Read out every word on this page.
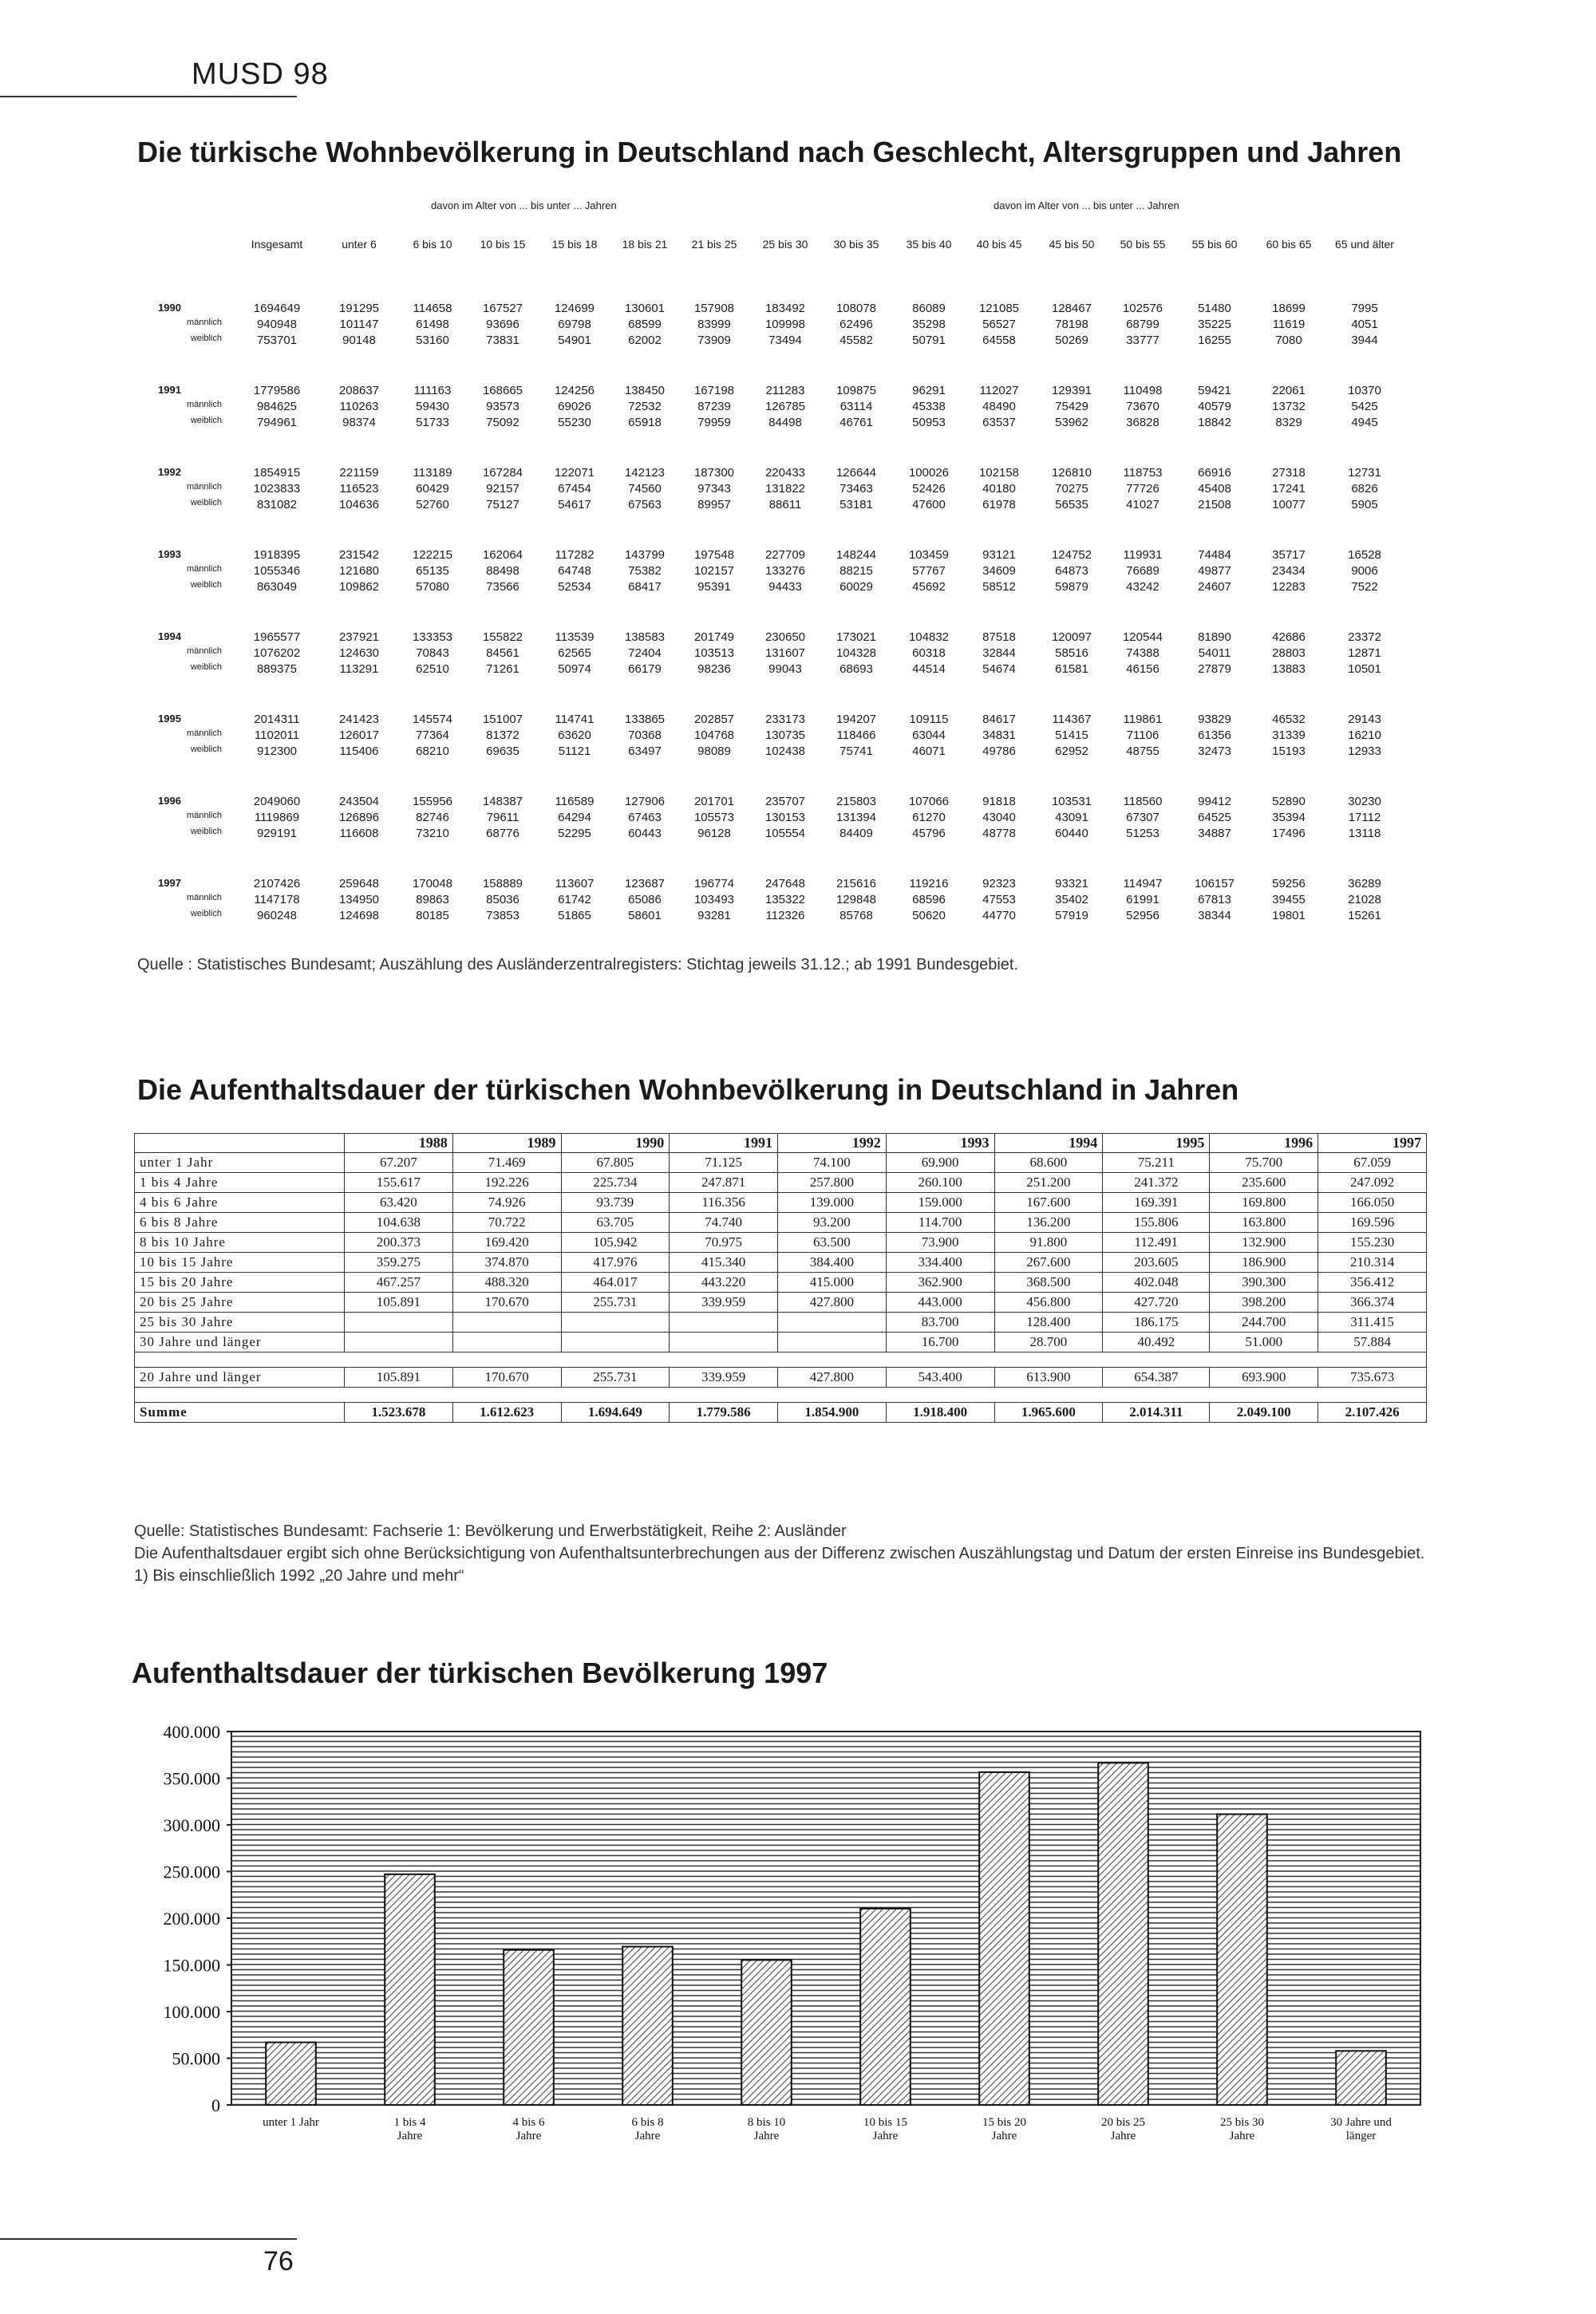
MUSD 98
Die türkische Wohnbevölkerung in Deutschland nach Geschlecht, Altersgruppen und Jahren
davon im Alter von ... bis unter ... Jahren	davon im Alter von ... bis unter ... Jahren
Insgesamt	unter 6	6 bis 10	10 bis 15	15 bis 18	18 bis 21	21 bis 25	25 bis 30	30 bis 35	35 bis 40	40 bis 45	45 bis 50	50 bis 55	55 bis 60	60 bis 65	65 und älter
1990	1694649	191295	114658	167527	124699	130601	157908	183492	108078	86089	121085	128467	102576	51480	18699	7995
männlich	940948	101147	61498	93696	69798	68599	83999	109998	62496	35298	56527	78198	68799	35225	11619	4051
weiblich	753701	90148	53160	73831	54901	62002	73909	73494	45582	50791	64558	50269	33777	16255	7080	3944
1991	1779586	208637	111163	168665	124256	138450	167198	211283	109875	96291	112027	129391	110498	59421	22061	10370
männlich	984625	110263	59430	93573	69026	72532	87239	126785	63114	45338	48490	75429	73670	40579	13732	5425
weiblich	794961	98374	51733	75092	55230	65918	79959	84498	46761	50953	63537	53962	36828	18842	8329	4945
1992	1854915	221159	113189	167284	122071	142123	187300	220433	126644	100026	102158	126810	118753	66916	27318	12731
männlich	1023833	116523	60429	92157	67454	74560	97343	131822	73463	52426	40180	70275	77726	45408	17241	6826
weiblich	831082	104636	52760	75127	54617	67563	89957	88611	53181	47600	61978	56535	41027	21508	10077	5905
1993	1918395	231542	122215	162064	117282	143799	197548	227709	148244	103459	93121	124752	119931	74484	35717	16528
männlich	1055346	121680	65135	88498	64748	75382	102157	133276	88215	57767	34609	64873	76689	49877	23434	9006
weiblich	863049	109862	57080	73566	52534	68417	95391	94433	60029	45692	58512	59879	43242	24607	12283	7522
1994	1965577	237921	133353	155822	113539	138583	201749	230650	173021	104832	87518	120097	120544	81890	42686	23372
männlich	1076202	124630	70843	84561	62565	72404	103513	131607	104328	60318	32844	58516	74388	54011	28803	12871
weiblich	889375	113291	62510	71261	50974	66179	98236	99043	68693	44514	54674	61581	46156	27879	13883	10501
1995	2014311	241423	145574	151007	114741	133865	202857	233173	194207	109115	84617	114367	119861	93829	46532	29143
männlich	1102011	126017	77364	81372	63620	70368	104768	130735	118466	63044	34831	51415	71106	61356	31339	16210
weiblich	912300	115406	68210	69635	51121	63497	98089	102438	75741	46071	49786	62952	48755	32473	15193	12933
1996	2049060	243504	155956	148387	116589	127906	201701	235707	215803	107066	91818	103531	118560	99412	52890	30230
männlich	1119869	126896	82746	79611	64294	67463	105573	130153	131394	61270	43040	43091	67307	64525	35394	17112
weiblich	929191	116608	73210	68776	52295	60443	96128	105554	84409	45796	48778	60440	51253	34887	17496	13118
1997	2107426	259648	170048	158889	113607	123687	196774	247648	215616	119216	92323	93321	114947	106157	59256	36289
männlich	1147178	134950	89863	85036	61742	65086	103493	135322	129848	68596	47553	35402	61991	67813	39455	21028
weiblich	960248	124698	80185	73853	51865	58601	93281	112326	85768	50620	44770	57919	52956	38344	19801	15261
Quelle : Statistisches Bundesamt; Auszählung des Ausländerzentralregisters: Stichtag jeweils 31.12.; ab 1991 Bundesgebiet.
Die Aufenthaltsdauer der türkischen Wohnbevölkerung in Deutschland in Jahren
	1988	1989	1990	1991	1992	1993	1994	1995	1996	1997
unter 1 Jahr	67.207	71.469	67.805	71.125	74.100	69.900	68.600	75.211	75.700	67.059
1 bis 4 Jahre	155.617	192.226	225.734	247.871	257.800	260.100	251.200	241.372	235.600	247.092
4 bis 6 Jahre	63.420	74.926	93.739	116.356	139.000	159.000	167.600	169.391	169.800	166.050
6 bis 8 Jahre	104.638	70.722	63.705	74.740	93.200	114.700	136.200	155.806	163.800	169.596
8 bis 10 Jahre	200.373	169.420	105.942	70.975	63.500	73.900	91.800	112.491	132.900	155.230
10 bis 15 Jahre	359.275	374.870	417.976	415.340	384.400	334.400	267.600	203.605	186.900	210.314
15 bis 20 Jahre	467.257	488.320	464.017	443.220	415.000	362.900	368.500	402.048	390.300	356.412
20 bis 25 Jahre	105.891	170.670	255.731	339.959	427.800	443.000	456.800	427.720	398.200	366.374
25 bis 30 Jahre						83.700	128.400	186.175	244.700	311.415
30 Jahre und länger						16.700	28.700	40.492	51.000	57.884

20 Jahre und länger	105.891	170.670	255.731	339.959	427.800	543.400	613.900	654.387	693.900	735.673

Summe	1.523.678	1.612.623	1.694.649	1.779.586	1.854.900	1.918.400	1.965.600	2.014.311	2.049.100	2.107.426
Quelle: Statistisches Bundesamt: Fachserie 1: Bevölkerung und Erwerbstätigkeit, Reihe 2: Ausländer
Die Aufenthaltsdauer ergibt sich ohne Berücksichtigung von Aufenthaltsunterbrechungen aus der Differenz zwischen Auszählungstag und Datum der ersten Einreise ins Bundesgebiet. 1) Bis einschließlich 1992 „20 Jahre und mehr“
Aufenthaltsdauer der türkischen Bevölkerung 1997
0
50.000
100.000
150.000
200.000
250.000
300.000
350.000
400.000
unter 1 Jahr	1 bis 4
Jahre
4 bis 6
Jahre
6 bis 8
Jahre
8 bis 10
Jahre
10 bis 15
Jahre
15 bis 20
Jahre
20 bis 25
Jahre
25 bis 30
Jahre
30 Jahre und
länger
76
